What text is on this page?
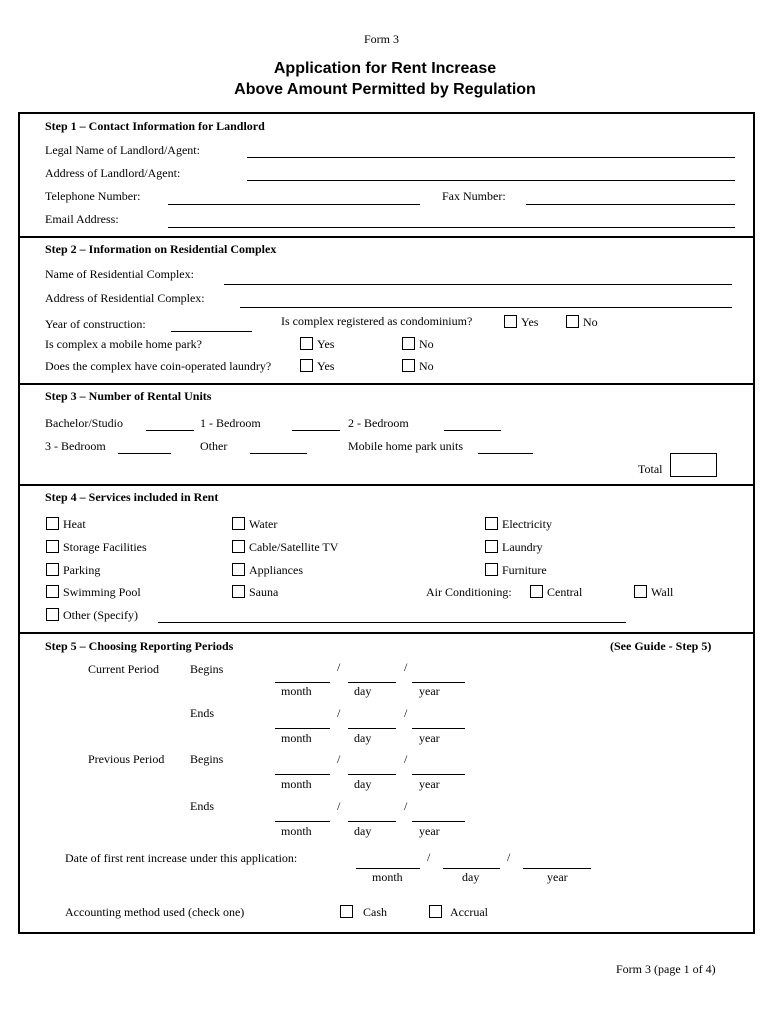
Form 3
Application for Rent Increase
Above Amount Permitted by Regulation
Step 1 – Contact Information for Landlord
Legal Name of Landlord/Agent:
Address of Landlord/Agent:
Telephone Number:	Fax Number:
Email Address:
Step 2 – Information on Residential Complex
Name of Residential Complex:
Address of Residential Complex:
Year of construction:	Is complex registered as condominium?	Yes	No
Is complex a mobile home park?	Yes	No
Does the complex have coin-operated laundry?	Yes	No
Step 3 – Number of Rental Units
Bachelor/Studio	1 - Bedroom	2 - Bedroom
3 - Bedroom	Other	Mobile home park units
Total
Step 4 – Services included in Rent
Heat	Water	Electricity
Storage Facilities	Cable/Satellite TV	Laundry
Parking	Appliances	Furniture
Swimming Pool	Sauna	Air Conditioning:	Central	Wall
Other (Specify)
Step 5 – Choosing Reporting Periods	(See Guide - Step 5)
Current Period	Begins	/	/
month	day	year
Ends	/	/
month	day	year
Previous Period Begins	/	/
month	day	year
Ends	/	/
month	day	year
Date of first rent increase under this application:	/	/
month	day	year
Accounting method used (check one)	Cash	Accrual
Form 3 (page 1 of 4)
